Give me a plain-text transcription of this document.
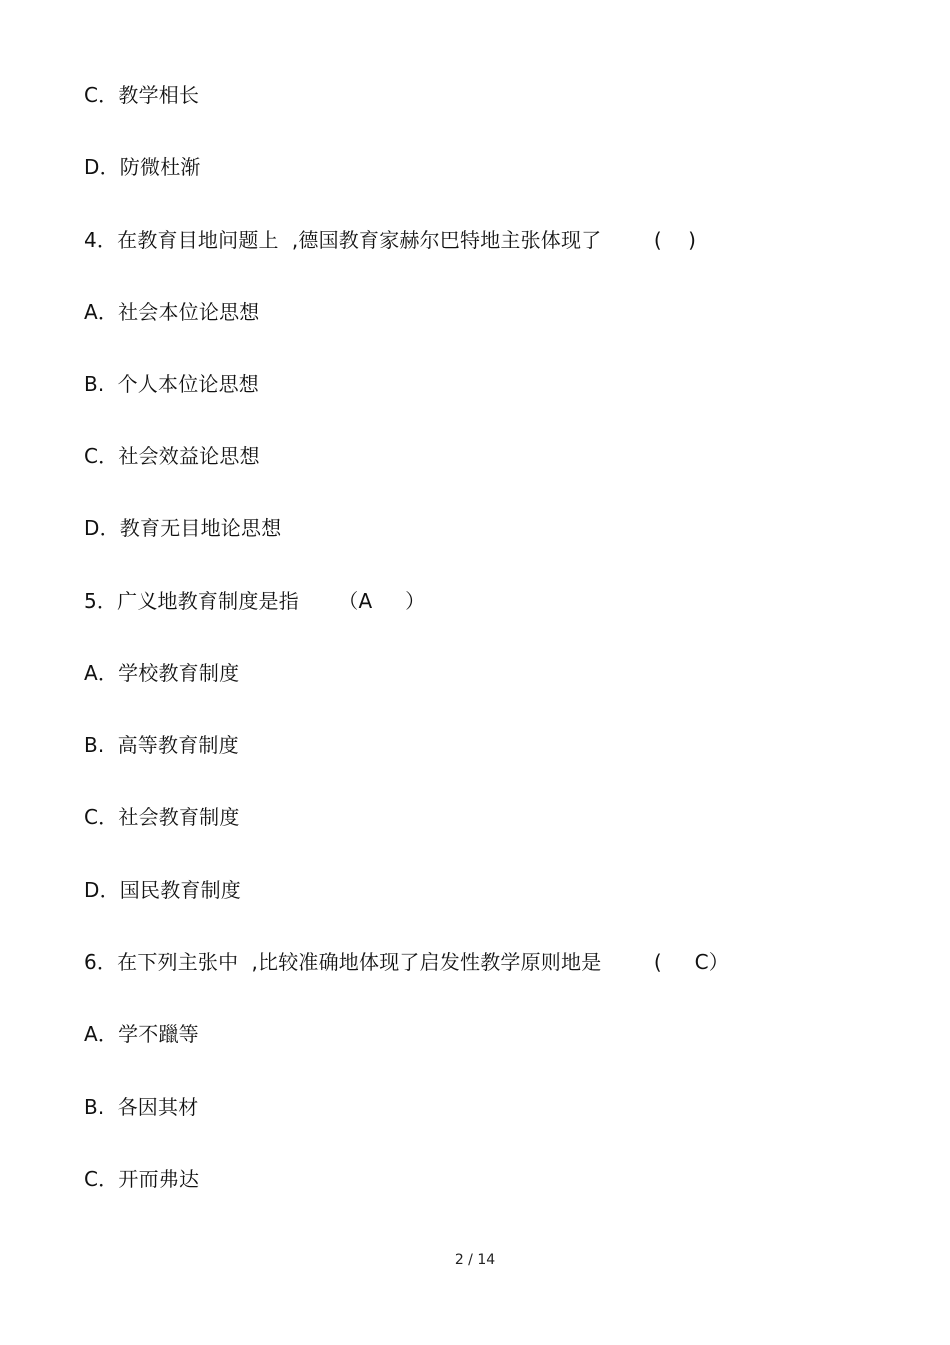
C．教学相长
D．防微杜渐
4．在教育目地问题上  ,德国教育家赫尔巴特地主张体现了        (    )
A．社会本位论思想
B.  个人本位论思想
C．社会效益论思想
D．教育无目地论思想
5．广义地教育制度是指      （A     ）
A．学校教育制度
B.  高等教育制度
C．社会教育制度
D．国民教育制度
6．在下列主张中  ,比较准确地体现了启发性教学原则地是        (     C）
A．学不躐等
B.  各因其材
C．开而弗达
2 / 14
